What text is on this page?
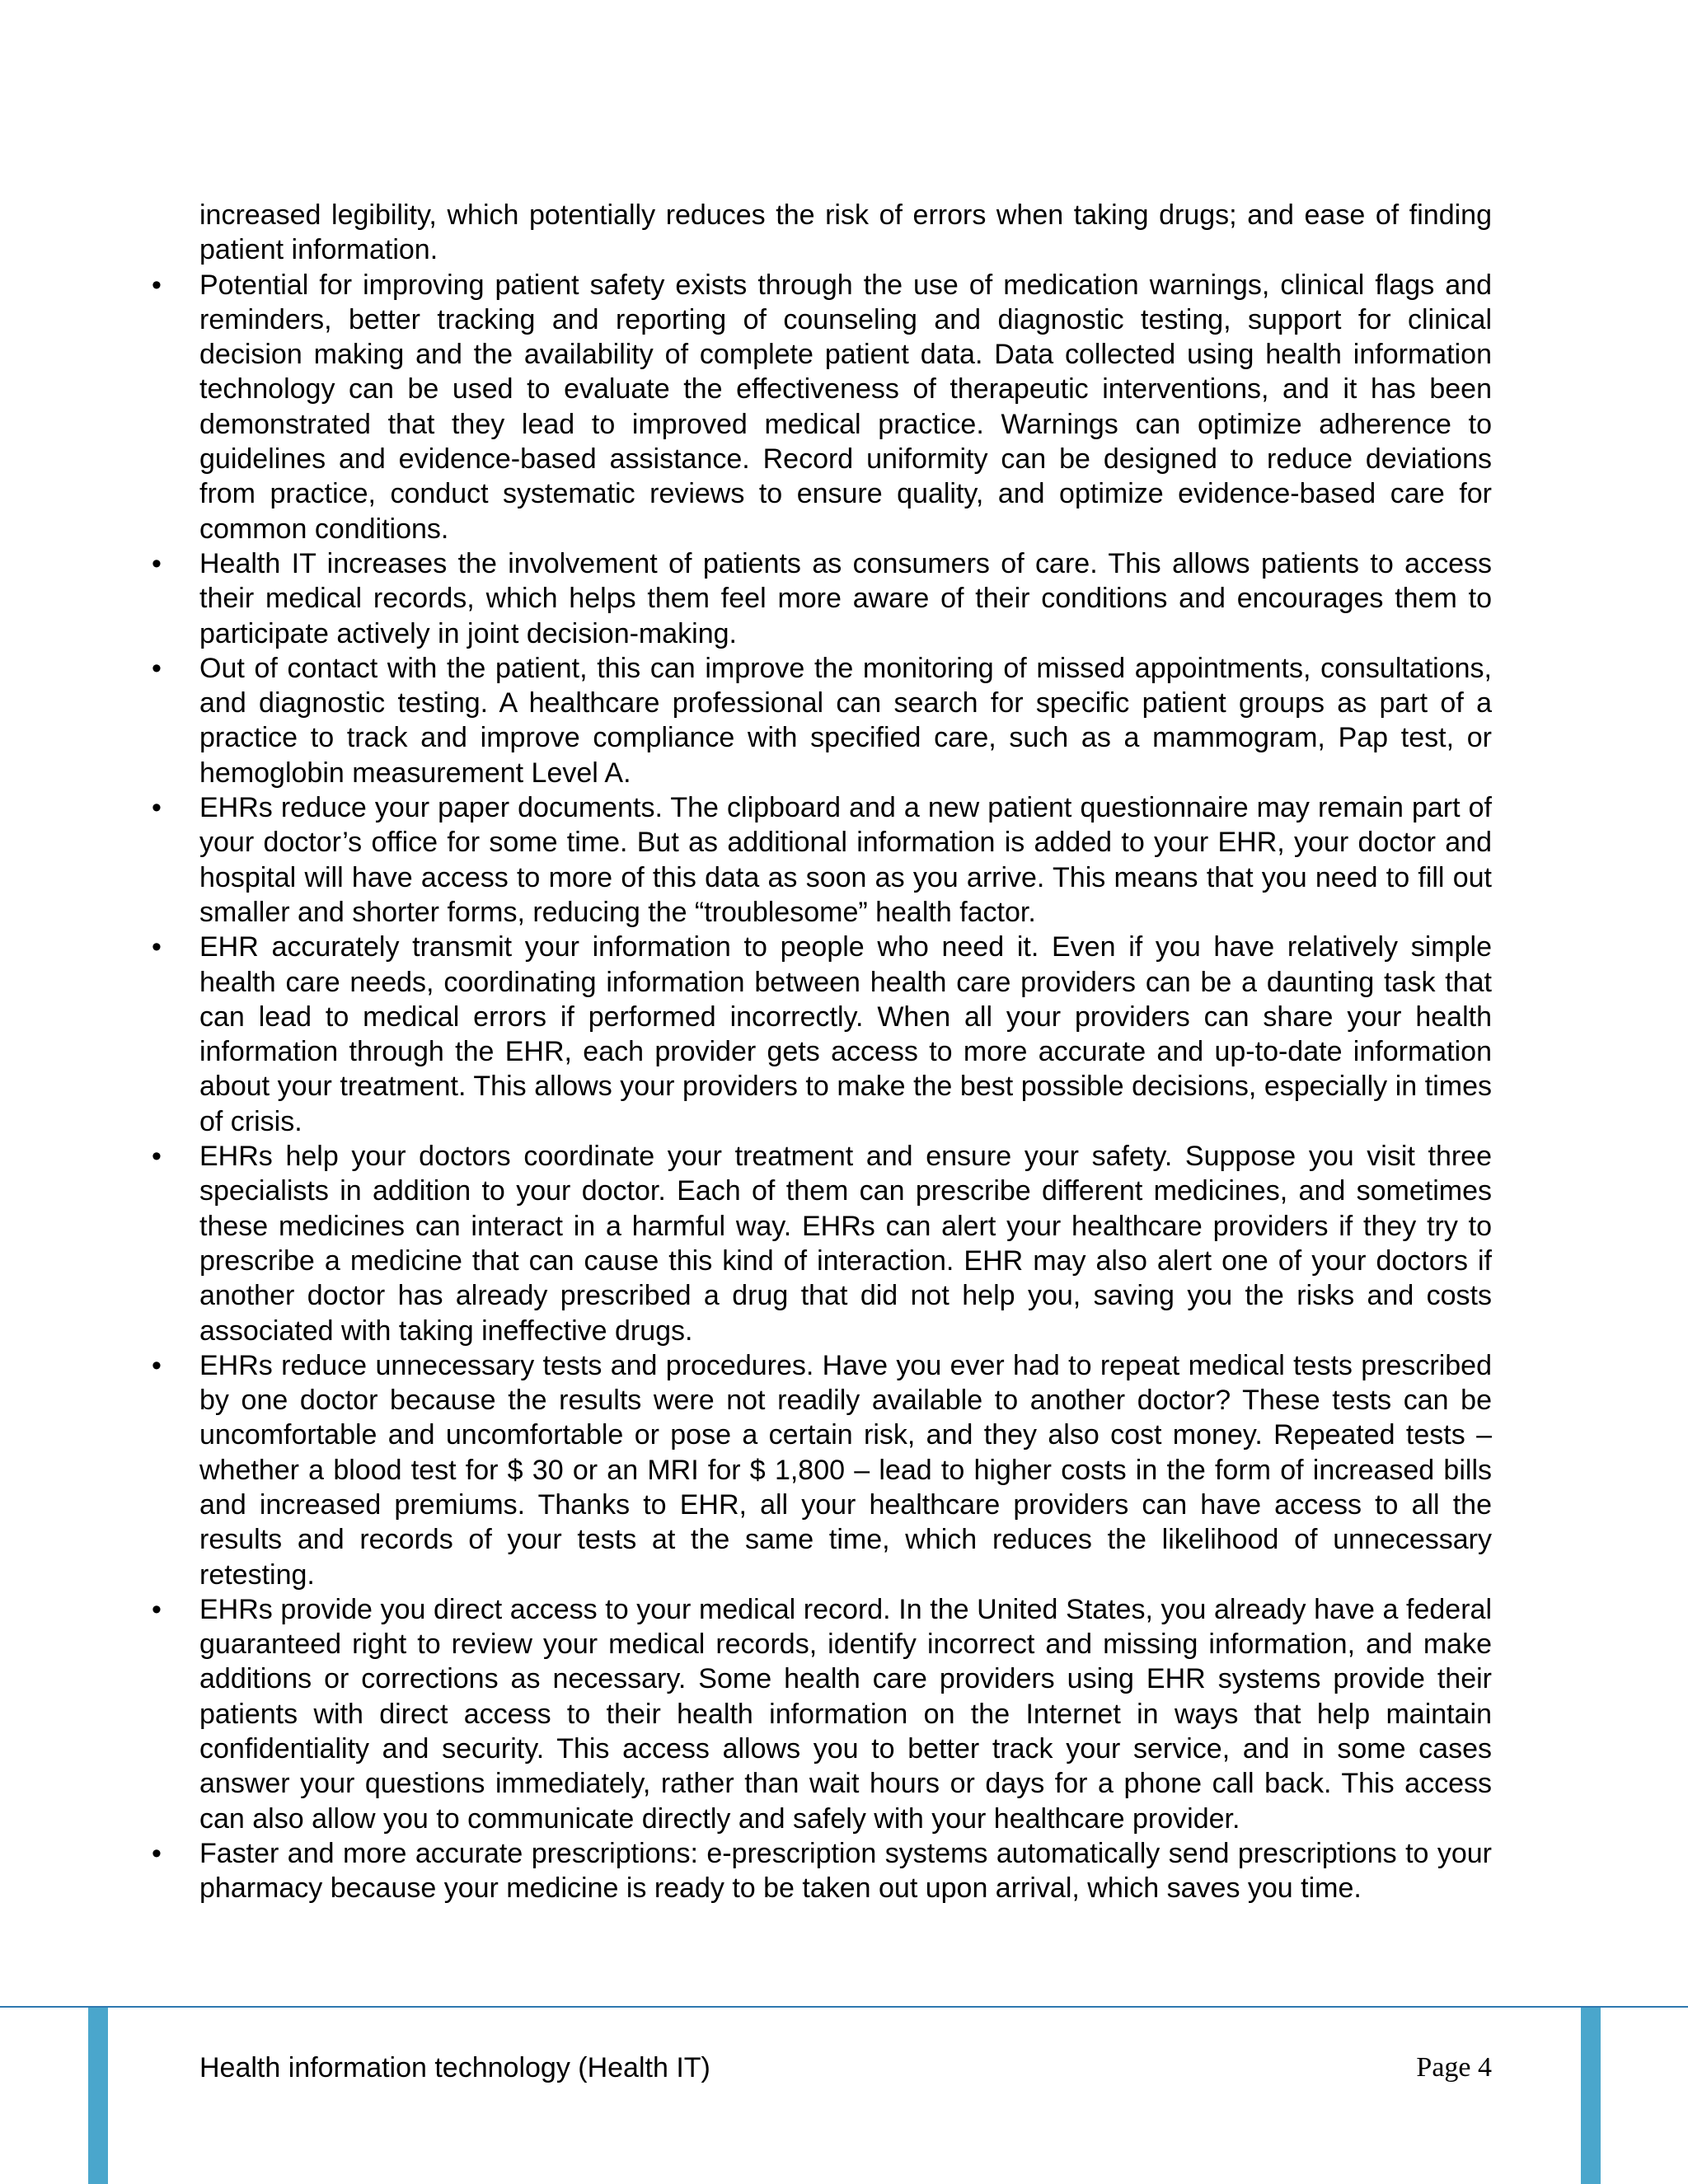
increased legibility, which potentially reduces the risk of errors when taking drugs; and ease of finding patient information.

• Potential for improving patient safety exists through the use of medication warnings, clinical flags and reminders, better tracking and reporting of counseling and diagnostic testing, support for clinical decision making and the availability of complete patient data. Data collected using health information technology can be used to evaluate the effectiveness of therapeutic interventions, and it has been demonstrated that they lead to improved medical practice. Warnings can optimize adherence to guidelines and evidence-based assistance. Record uniformity can be designed to reduce deviations from practice, conduct systematic reviews to ensure quality, and optimize evidence-based care for common conditions.
• Health IT increases the involvement of patients as consumers of care. This allows patients to access their medical records, which helps them feel more aware of their conditions and encourages them to participate actively in joint decision-making.
• Out of contact with the patient, this can improve the monitoring of missed appointments, consultations, and diagnostic testing. A healthcare professional can search for specific patient groups as part of a practice to track and improve compliance with specified care, such as a mammogram, Pap test, or hemoglobin measurement Level A.
• EHRs reduce your paper documents. The clipboard and a new patient questionnaire may remain part of your doctor’s office for some time. But as additional information is added to your EHR, your doctor and hospital will have access to more of this data as soon as you arrive. This means that you need to fill out smaller and shorter forms, reducing the “troublesome” health factor.
• EHR accurately transmit your information to people who need it. Even if you have relatively simple health care needs, coordinating information between health care providers can be a daunting task that can lead to medical errors if performed incorrectly. When all your providers can share your health information through the EHR, each provider gets access to more accurate and up-to-date information about your treatment. This allows your providers to make the best possible decisions, especially in times of crisis.
• EHRs help your doctors coordinate your treatment and ensure your safety. Suppose you visit three specialists in addition to your doctor. Each of them can prescribe different medicines, and sometimes these medicines can interact in a harmful way. EHRs can alert your healthcare providers if they try to prescribe a medicine that can cause this kind of interaction. EHR may also alert one of your doctors if another doctor has already prescribed a drug that did not help you, saving you the risks and costs associated with taking ineffective drugs.
• EHRs reduce unnecessary tests and procedures. Have you ever had to repeat medical tests prescribed by one doctor because the results were not readily available to another doctor? These tests can be uncomfortable and uncomfortable or pose a certain risk, and they also cost money. Repeated tests – whether a blood test for $ 30 or an MRI for $ 1,800 – lead to higher costs in the form of increased bills and increased premiums. Thanks to EHR, all your healthcare providers can have access to all the results and records of your tests at the same time, which reduces the likelihood of unnecessary retesting.
• EHRs provide you direct access to your medical record. In the United States, you already have a federal guaranteed right to review your medical records, identify incorrect and missing information, and make additions or corrections as necessary. Some health care providers using EHR systems provide their patients with direct access to their health information on the Internet in ways that help maintain confidentiality and security. This access allows you to better track your service, and in some cases answer your questions immediately, rather than wait hours or days for a phone call back. This access can also allow you to communicate directly and safely with your healthcare provider.
• Faster and more accurate prescriptions: e-prescription systems automatically send prescriptions to your pharmacy because your medicine is ready to be taken out upon arrival, which saves you time.
Health information technology (Health IT)	Page 4
